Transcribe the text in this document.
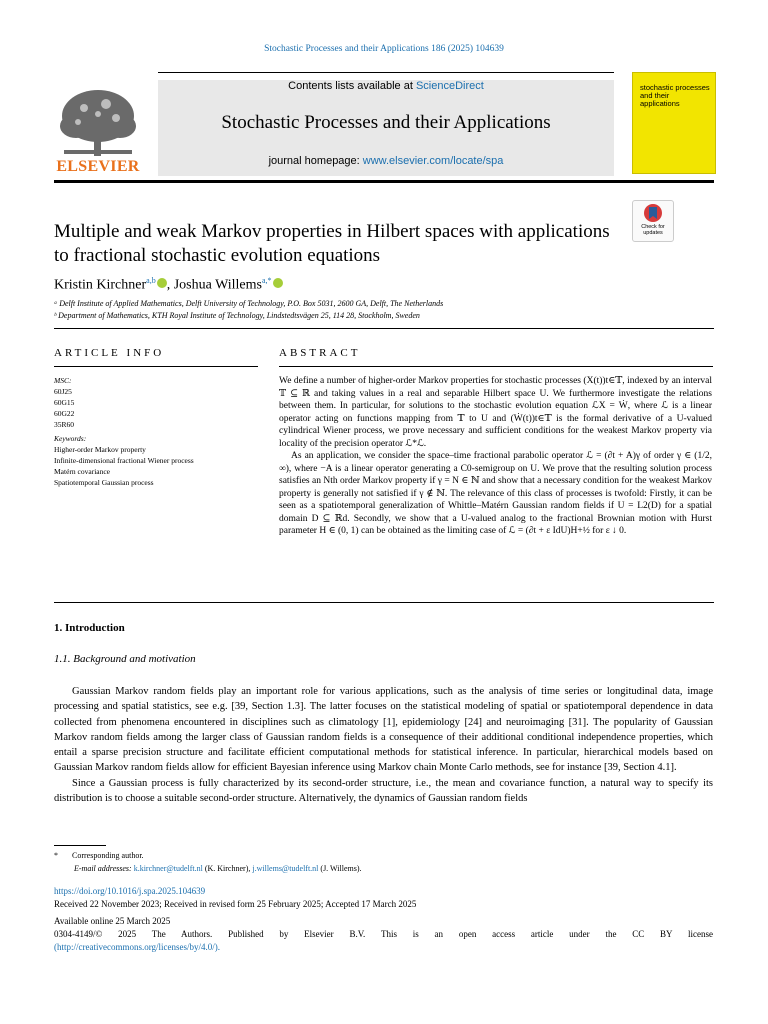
Stochastic Processes and their Applications 186 (2025) 104639
ELSEVIER
Contents lists available at ScienceDirect
Stochastic Processes and their Applications
journal homepage: www.elsevier.com/locate/spa
stochastic processes and their applications
Check for updates
Multiple and weak Markov properties in Hilbert spaces with applications to fractional stochastic evolution equations
Kristin Kirchner$^{a,b}$ , Joshua Willems$^{a,*}$
ᵃ Delft Institute of Applied Mathematics, Delft University of Technology, P.O. Box 5031, 2600 GA, Delft, The Netherlands
ᵇ Department of Mathematics, KTH Royal Institute of Technology, Lindstedtsvägen 25, 114 28, Stockholm, Sweden
ARTICLE INFO	ABSTRACT
MSC:
60J25
60G15
60G22
35R60
Keywords:
Higher-order Markov property
Infinite-dimensional fractional Wiener process
Matérn covariance
Spatiotemporal Gaussian process

We define a number of higher-order Markov properties for stochastic processes (X(t))t∈𝕋, indexed by an interval 𝕋 ⊆ ℝ and taking values in a real and separable Hilbert space U. We furthermore investigate the relations between them. In particular, for solutions to the stochastic evolution equation ℒX = Ẇ, where ℒ is a linear operator acting on functions mapping from 𝕋 to U and (Ẇ(t))t∈𝕋 is the formal derivative of a U-valued cylindrical Wiener process, we prove necessary and sufficient conditions for the weakest Markov property via locality of the precision operator ℒ*ℒ.

As an application, we consider the space–time fractional parabolic operator ℒ = (∂t + A)γ of order γ ∈ (1/2, ∞), where −A is a linear operator generating a C0-semigroup on U. We prove that the resulting solution process satisfies an Nth order Markov property if γ = N ∈ ℕ and show that a necessary condition for the weakest Markov property is generally not satisfied if γ ∉ ℕ. The relevance of this class of processes is twofold: Firstly, it can be seen as a spatiotemporal generalization of Whittle–Matérn Gaussian random fields if U = L2(D) for a spatial domain D ⊆ ℝd. Secondly, we show that a U-valued analog to the fractional Brownian motion with Hurst parameter H ∈ (0, 1) can be obtained as the limiting case of ℒ = (∂t + ε IdU)H+½ for ε ↓ 0.

1. Introduction
1.1. Background and motivation

Gaussian Markov random fields play an important role for various applications, such as the analysis of time series or longitudinal data, image processing and spatial statistics, see e.g. [39, Section 1.3]. The latter focuses on the statistical modeling of spatial or spatiotemporal dependence in data collected from phenomena encountered in disciplines such as climatology [1], epidemiology [24] and neuroimaging [31]. The popularity of Gaussian Markov random fields among the larger class of Gaussian random fields is a consequence of their additional conditional independence properties, which entail a sparse precision structure and facilitate efficient computational methods for statistical inference. In particular, hierarchical models based on Gaussian Markov random fields allow for efficient Bayesian inference using Markov chain Monte Carlo methods, see for instance [39, Section 4.1].

Since a Gaussian process is fully characterized by its second-order structure, i.e., the mean and covariance function, a natural way to specify its distribution is to choose a suitable second-order structure. Alternatively, the dynamics of Gaussian random fields

* Corresponding author.
E-mail addresses: k.kirchner@tudelft.nl (K. Kirchner), j.willems@tudelft.nl (J. Willems).
https://doi.org/10.1016/j.spa.2025.104639
Received 22 November 2023; Received in revised form 25 February 2025; Accepted 17 March 2025
Available online 25 March 2025
0304-4149/© 2025 The Authors. Published by Elsevier B.V. This is an open access article under the CC BY license
(http://creativecommons.org/licenses/by/4.0/).
